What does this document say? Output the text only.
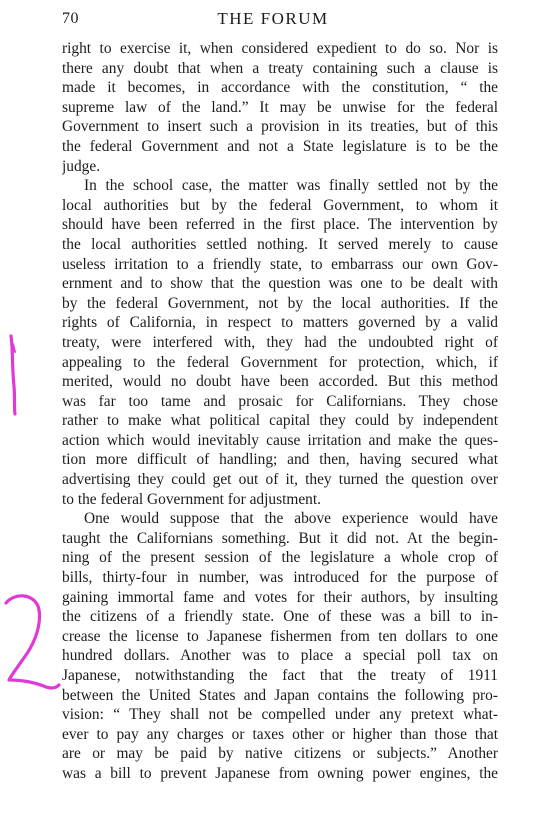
70	THE FORUM
right to exercise it, when considered expedient to do so. Nor is
there any doubt that when a treaty containing such a clause is
made it becomes, in accordance with the constitution, “ the
supreme law of the land.” It may be unwise for the federal
Government to insert such a provision in its treaties, but of this
the federal Government and not a State legislature is to be the
judge.
In the school case, the matter was finally settled not by the
local authorities but by the federal Government, to whom it
should have been referred in the first place. The intervention by
the local authorities settled nothing. It served merely to cause
useless irritation to a friendly state, to embarrass our own Gov-
ernment and to show that the question was one to be dealt with
by the federal Government, not by the local authorities. If the
rights of California, in respect to matters governed by a valid
treaty, were interfered with, they had the undoubted right of
appealing to the federal Government for protection, which, if
merited, would no doubt have been accorded. But this method
was far too tame and prosaic for Californians. They chose
rather to make what political capital they could by independent
action which would inevitably cause irritation and make the ques-
tion more difficult of handling; and then, having secured what
advertising they could get out of it, they turned the question over
to the federal Government for adjustment.
One would suppose that the above experience would have
taught the Californians something. But it did not. At the begin-
ning of the present session of the legislature a whole crop of
bills, thirty-four in number, was introduced for the purpose of
gaining immortal fame and votes for their authors, by insulting
the citizens of a friendly state. One of these was a bill to in-
crease the license to Japanese fishermen from ten dollars to one
hundred dollars. Another was to place a special poll tax on
Japanese, notwithstanding the fact that the treaty of 1911
between the United States and Japan contains the following pro-
vision: “ They shall not be compelled under any pretext what-
ever to pay any charges or taxes other or higher than those that
are or may be paid by native citizens or subjects.” Another
was a bill to prevent Japanese from owning power engines, the
